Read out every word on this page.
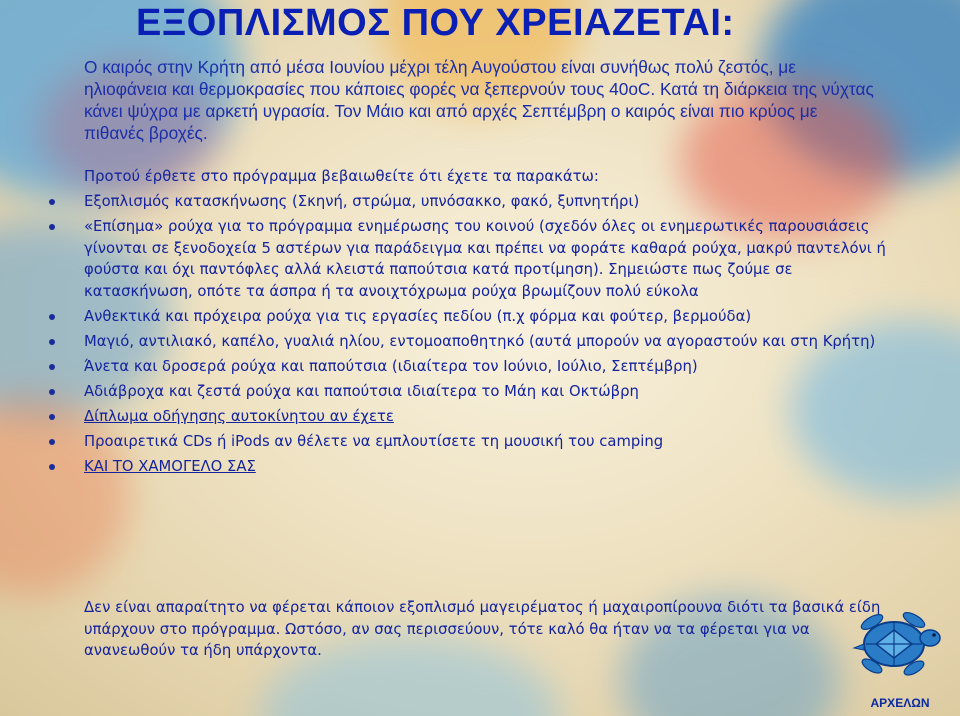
ΕΞΟΠΛΙΣΜΟΣ ΠΟΥ ΧΡΕΙΑΖΕΤΑΙ:
Ο καιρός στην Κρήτη από μέσα Ιουνίου μέχρι τέλη Αυγούστου είναι συνήθως πολύ ζεστός, με ηλιοφάνεια και θερμοκρασίες που κάποιες φορές να ξεπερνούν τους 40oC. Κατά τη διάρκεια της νύχτας κάνει ψύχρα με αρκετή υγρασία. Τον Μάιο και από αρχές Σεπτέμβρη ο καιρός είναι πιο κρύος με πιθανές βροχές.
Προτού έρθετε στο πρόγραμμα βεβαιωθείτε ότι έχετε τα παρακάτω:
Εξοπλισμός κατασκήνωσης (Σκηνή, στρώμα, υπνόσακκο, φακό, ξυπνητήρι)
«Επίσημα» ρούχα για το πρόγραμμα ενημέρωσης του κοινού (σχεδόν όλες οι ενημερωτικές παρουσιάσεις γίνονται σε ξενοδοχεία 5 αστέρων για παράδειγμα και πρέπει να φοράτε καθαρά ρούχα, μακρύ παντελόνι ή φούστα και όχι παντόφλες αλλά κλειστά παπούτσια κατά προτίμηση). Σημειώστε πως ζούμε σε κατασκήνωση, οπότε τα άσπρα ή τα ανοιχτόχρωμα ρούχα βρωμίζουν πολύ εύκολα
Ανθεκτικά και πρόχειρα ρούχα για τις εργασίες πεδίου (π.χ φόρμα και φούτερ, βερμούδα)
Μαγιό, αντιλιακό, καπέλο, γυαλιά ηλίου, εντομοαποθητηκό (αυτά μπορούν να αγοραστούν και στη Κρήτη)
Άνετα και δροσερά ρούχα και παπούτσια (ιδιαίτερα τον Ιούνιο, Ιούλιο, Σεπτέμβρη)
Αδιάβροχα και ζεστά ρούχα και παπούτσια ιδιαίτερα το Μάη και Οκτώβρη
Δίπλωμα οδήγησης αυτοκίνητου αν έχετε
Προαιρετικά CDs ή iPods αν θέλετε να εμπλουτίσετε τη μουσική του camping
ΚΑΙ ΤΟ ΧΑΜΟΓΕΛΟ ΣΑΣ
Δεν είναι απαραίτητο να φέρεται κάποιον εξοπλισμό μαγειρέματος ή μαχαιροπίρουνα διότι τα βασικά είδη υπάρχουν στο πρόγραμμα. Ωστόσο, αν σας περισσεύουν, τότε καλό θα ήταν να τα φέρεται για να ανανεωθούν τα ήδη υπάρχοντα.
ΑΡΧΕΛΩΝ
